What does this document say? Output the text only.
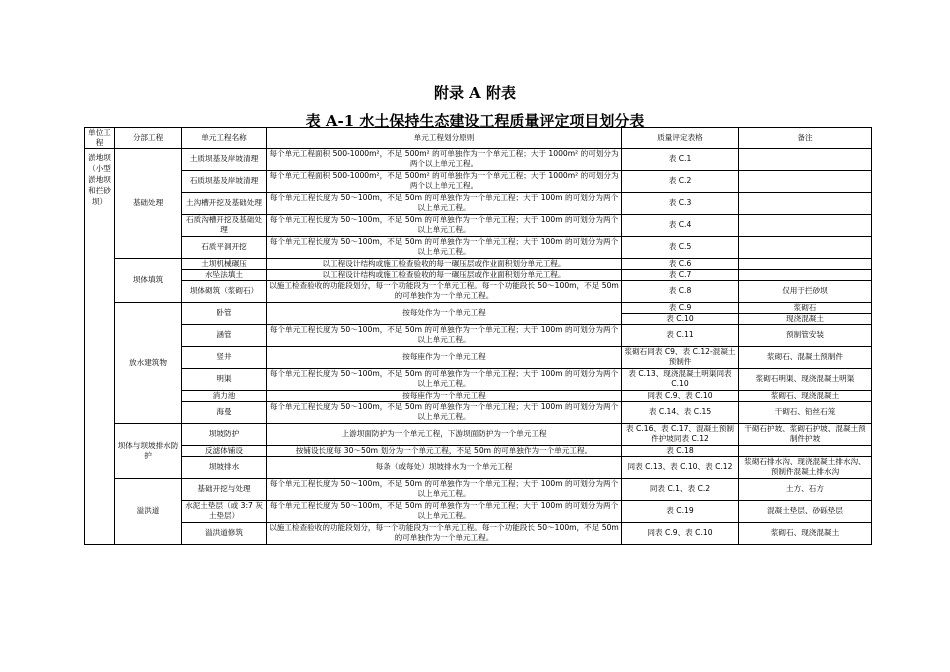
附录 A 附表
表 A-1 水土保持生态建设工程质量评定项目划分表
单位工程	分部工程	单元工程名称	单元工程划分原则	质量评定表格	备注
淤地坝（小型淤地坝和拦砂坝）	基础处理	土质坝基及岸坡清理	每个单元工程面积 500-1000m²，不足 500m² 的可单独作为一个单元工程；大于 1000m² 的可划分为两个以上单元工程。	表 C.1	
		石质坝基及岸坡清理	每个单元工程面积 500-1000m²，不足 500m² 的可单独作为一个单元工程；大于 1000m² 的可划分为两个以上单元工程。	表 C.2	
		土沟槽开挖及基础处理	每个单元工程长度为 50～100m，不足 50m 的可单独作为一个单元工程；大于 100m 的可划分为两个以上单元工程。	表 C.3	
		石质沟槽开挖及基础处理	每个单元工程长度为 50～100m，不足 50m 的可单独作为一个单元工程；大于 100m 的可划分为两个以上单元工程。	表 C.4	
		石质平洞开挖	每个单元工程长度为 50～100m，不足 50m 的可单独作为一个单元工程；大于 100m 的可划分为两个以上单元工程。	表 C.5	
	坝体填筑	土坝机械碾压	以工程设计结构或施工检查验收的每一碾压层或作业面积划分单元工程。	表 C.6	
		水坠法填土	以工程设计结构或施工检查验收的每一碾压层或作业面积划分单元工程。	表 C.7	
		坝体砌筑（浆砌石）	以施工检查验收的功能段划分，每一个功能段为一个单元工程。每一个功能段长 50～100m，不足 50m 的可单独作为一个单元工程。	表 C.8	仅用于拦砂坝
	放水建筑物	卧管	按每处作为一个单元工程	表 C.9	浆砌石
				表 C.10	现浇混凝土
		涵管	每个单元工程长度为 50～100m，不足 50m 的可单独作为一个单元工程；大于 100m 的可划分为两个以上单元工程。	表 C.11	预制管安装
		竖井	按每座作为一个单元工程	浆砌石同表 C9、表 C.12-混凝土预制件	浆砌石、混凝土预制件
		明渠	每个单元工程长度为 50～100m，不足 50m 的可单独作为一个单元工程；大于 100m 的可划分为两个以上单元工程。	表 C.13、现浇混凝土明渠同表 C.10	浆砌石明渠、现浇混凝土明渠
		消力池	按每座作为一个单元工程	同表 C.9、表 C.10	浆砌石、现浇混凝土
		海曼	每个单元工程长度为 50～100m，不足 50m 的可单独作为一个单元工程；大于 100m 的可划分为两个以上单元工程。	表 C.14、表 C.15	干砌石、铅丝石笼
	坝体与坝坡排水防护	坝坡防护	上游坝面防护为一个单元工程，下游坝面防护为一个单元工程	表 C.16、表 C.17、混凝土预制件护坡同表 C.12	干砌石护坡、浆砌石护坡、混凝土预制件护坡
		反滤体铺设	按铺设长度每 30～50m 划分为一个单元工程，不足 50m 的可单独作为一个单元工程。	表 C.18	
		坝坡排水	每条（或每处）坝坡排水为一个单元工程	同表 C.13、表 C.10、表 C.12	浆砌石排水沟、现浇混凝土排水沟、预制件混凝土排水沟
	溢洪道	基础开挖与处理	每个单元工程长度为 50～100m，不足 50m 的可单独作为一个单元工程；大于 100m 的可划分为两个以上单元工程。	同表 C.1、表 C.2	土方、石方
		水泥土垫层（或 3:7 灰土垫层）	每个单元工程长度为 50～100m，不足 50m 的可单独作为一个单元工程；大于 100m 的可划分为两个以上单元工程。	表 C.19	混凝土垫层、砂砾垫层
		溢洪道修筑	以施工检查验收的功能段划分，每一个功能段为一个单元工程。每一个功能段长 50～100m，不足 50m 的可单独作为一个单元工程。	同表 C.9、表 C.10	浆砌石、现浇混凝土
